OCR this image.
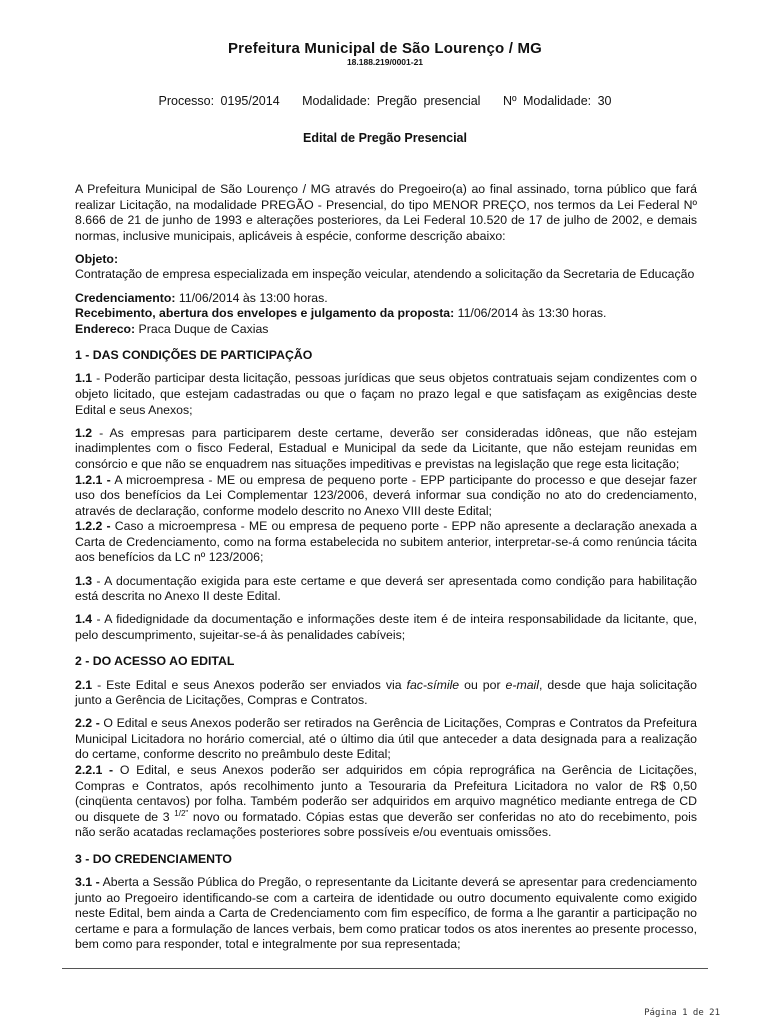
Prefeitura Municipal de São Lourenço / MG
18.188.219/0001-21
Processo: 0195/2014 Modalidade: Pregão presencial Nº Modalidade: 30
Edital de Pregão Presencial

A Prefeitura Municipal de São Lourenço / MG através do Pregoeiro(a) ao final assinado, torna público que fará realizar Licitação, na modalidade PREGÃO - Presencial, do tipo MENOR PREÇO, nos termos da Lei Federal Nº 8.666 de 21 de junho de 1993 e alterações posteriores, da Lei Federal 10.520 de 17 de julho de 2002, e demais normas, inclusive municipais, aplicáveis à espécie, conforme descrição abaixo:

Objeto:

Contratação de empresa especializada em inspeção veicular, atendendo a solicitação da Secretaria de Educação

Credenciamento: 11/06/2014 às 13:00 horas.

Recebimento, abertura dos envelopes e julgamento da proposta: 11/06/2014 às 13:30 horas.

Endereco: Praca Duque de Caxias

1 - DAS CONDIÇÕES DE PARTICIPAÇÃO

1.1 - Poderão participar desta licitação, pessoas jurídicas que seus objetos contratuais sejam condizentes com o objeto licitado, que estejam cadastradas ou que o façam no prazo legal e que satisfaçam as exigências deste Edital e seus Anexos;

1.2 - As empresas para participarem deste certame, deverão ser consideradas idôneas, que não estejam inadimplentes com o fisco Federal, Estadual e Municipal da sede da Licitante, que não estejam reunidas em consórcio e que não se enquadrem nas situações impeditivas e previstas na legislação que rege esta licitação;

1.2.1 - A microempresa - ME ou empresa de pequeno porte - EPP participante do processo e que desejar fazer uso dos benefícios da Lei Complementar 123/2006, deverá informar sua condição no ato do credenciamento, através de declaração, conforme modelo descrito no Anexo VIII deste Edital;

1.2.2 - Caso a microempresa - ME ou empresa de pequeno porte - EPP não apresente a declaração anexada a Carta de Credenciamento, como na forma estabelecida no subitem anterior, interpretar-se-á como renúncia tácita aos benefícios da LC nº 123/2006;

1.3 - A documentação exigida para este certame e que deverá ser apresentada como condição para habilitação está descrita no Anexo II deste Edital.

1.4 - A fidedignidade da documentação e informações deste item é de inteira responsabilidade da licitante, que, pelo descumprimento, sujeitar-se-á às penalidades cabíveis;

2 - DO ACESSO AO EDITAL

2.1 - Este Edital e seus Anexos poderão ser enviados via fac-símile ou por e-mail, desde que haja solicitação junto a Gerência de Licitações, Compras e Contratos.

2.2 - O Edital e seus Anexos poderão ser retirados na Gerência de Licitações, Compras e Contratos da Prefeitura Municipal Licitadora no horário comercial, até o último dia útil que anteceder a data designada para a realização do certame, conforme descrito no preâmbulo deste Edital;

2.2.1 - O Edital, e seus Anexos poderão ser adquiridos em cópia reprográfica na Gerência de Licitações, Compras e Contratos, após recolhimento junto a Tesouraria da Prefeitura Licitadora no valor de R$ 0,50 (cinqüenta centavos) por folha. Também poderão ser adquiridos em arquivo magnético mediante entrega de CD ou disquete de 3 $^{1/2"}$ novo ou formatado. Cópias estas que deverão ser conferidas no ato do recebimento, pois não serão acatadas reclamações posteriores sobre possíveis e/ou eventuais omissões.

3 - DO CREDENCIAMENTO

3.1 - Aberta a Sessão Pública do Pregão, o representante da Licitante deverá se apresentar para credenciamento junto ao Pregoeiro identificando-se com a carteira de identidade ou outro documento equivalente como exigido neste Edital, bem ainda a Carta de Credenciamento com fim específico, de forma a lhe garantir a participação no certame e para a formulação de lances verbais, bem como praticar todos os atos inerentes ao presente processo, bem como para responder, total e integralmente por sua representada;

Página 1 de 21
